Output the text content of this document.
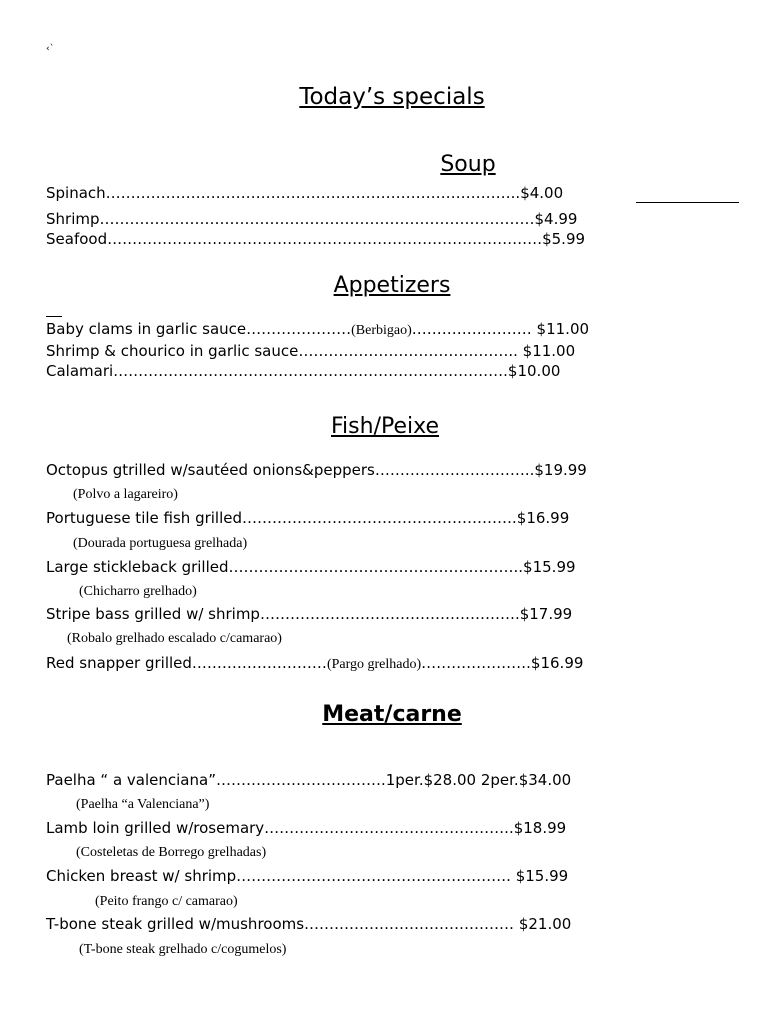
‹`
Today’s specials
Soup
Spinach………………………………………………………………………..$4.00
Shrimp……………………………………………………………………………$4.99
Seafood……………………………………………………………………………$5.99
Appetizers
Baby clams in garlic sauce…………………(Berbigao)…………………… $11.00
Shrimp & chourico in garlic sauce…………………………………….. $11.00
Calamari…………………………………………………………………….$10.00
Fish/Peixe
Octopus gtrilled w/sautéed onions&peppers…………………………..$19.99
(Polvo a lagareiro)
Portuguese tile fish grilled……………………………………………….$16.99
(Dourada portuguesa grelhada)
Large stickleback grilled…………………………………………………..$15.99
(Chicharro grelhado)
Stripe bass grilled w/ shrimp…………………………………………….$17.99
(Robalo grelhado escalado c/camarao)
Red snapper grilled………………………(Pargo grelhado)………………….$16.99
Meat/carne
Paelha “ a valenciana”…………………………….1per.$28.00 2per.$34.00
(Paelha “a Valenciana”)
Lamb loin grilled w/rosemary…………………………………………..$18.99
(Costeletas de Borrego grelhadas)
Chicken breast w/ shrimp………………………………………………. $15.99
(Peito frango c/ camarao)
T-bone steak grilled w/mushrooms…………………………………… $21.00
(T-bone steak grelhado c/cogumelos)
